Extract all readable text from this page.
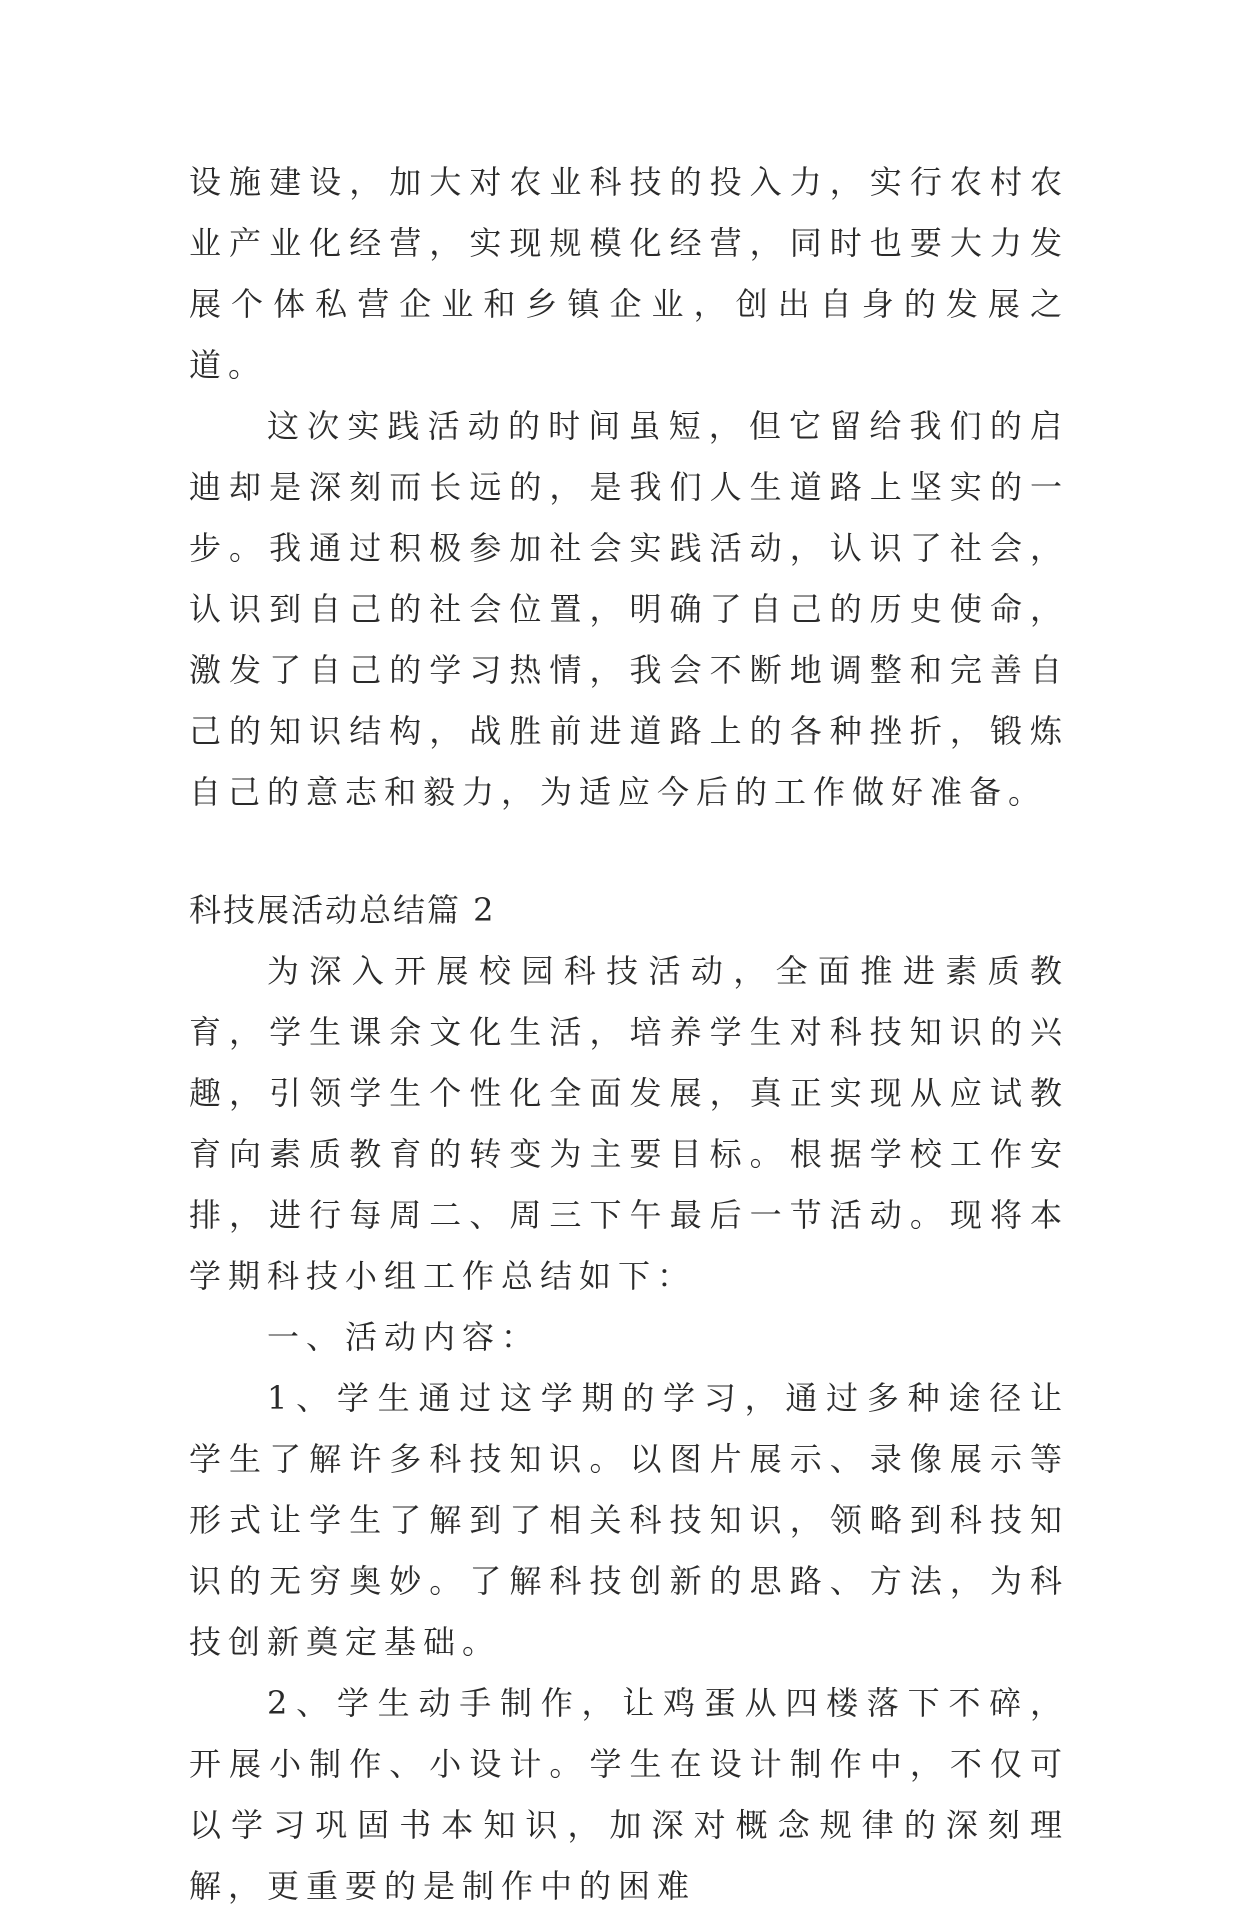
设施建设，加大对农业科技的投入力，实行农村农业产业化经营，实现规模化经营，同时也要大力发展个体私营企业和乡镇企业，创出自身的发展之道。

这次实践活动的时间虽短，但它留给我们的启迪却是深刻而长远的，是我们人生道路上坚实的一步。我通过积极参加社会实践活动，认识了社会，认识到自己的社会位置，明确了自己的历史使命，激发了自己的学习热情，我会不断地调整和完善自己的知识结构，战胜前进道路上的各种挫折，锻炼自己的意志和毅力，为适应今后的工作做好准备。

科技展活动总结篇 2

为深入开展校园科技活动，全面推进素质教育，学生课余文化生活，培养学生对科技知识的兴趣，引领学生个性化全面发展，真正实现从应试教育向素质教育的转变为主要目标。根据学校工作安排，进行每周二、周三下午最后一节活动。现将本学期科技小组工作总结如下：

一、活动内容：

1、学生通过这学期的学习，通过多种途径让学生了解许多科技知识。以图片展示、录像展示等形式让学生了解到了相关科技知识，领略到科技知识的无穷奥妙。了解科技创新的思路、方法，为科技创新奠定基础。

2、学生动手制作，让鸡蛋从四楼落下不碎，开展小制作、小设计。学生在设计制作中，不仅可以学习巩固书本知识，加深对概念规律的深刻理解，更重要的是制作中的困难
